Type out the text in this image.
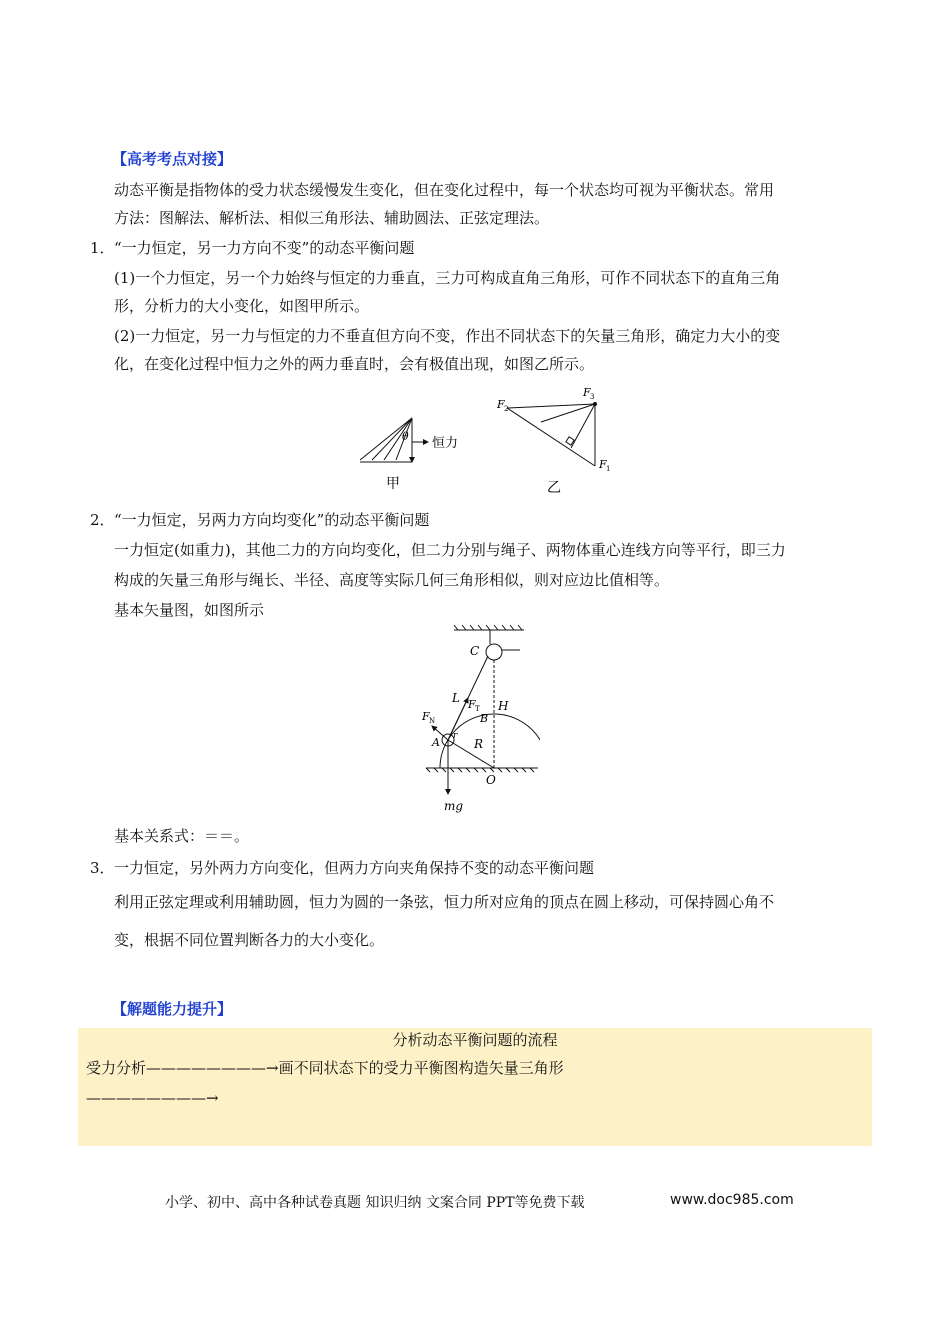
【高考考点对接】
动态平衡是指物体的受力状态缓慢发生变化，但在变化过程中，每一个状态均可视为平衡状态。常用
方法：图解法、解析法、相似三角形法、辅助圆法、正弦定理法。
1． “一力恒定，另一力方向不变”的动态平衡问题
(1)一个力恒定，另一个力始终与恒定的力垂直，三力可构成直角三角形，可作不同状态下的直角三角
形，分析力的大小变化，如图甲所示。
(2)一力恒定，另一力与恒定的力不垂直但方向不变，作出不同状态下的矢量三角形，确定力大小的变
化，在变化过程中恒力之外的两力垂直时，会有极值出现，如图乙所示。
θ 恒力
甲
F 2
F 3
F 1
乙
2． “一力恒定，另两力方向均变化”的动态平衡问题
一力恒定(如重力)，其他二力的方向均变化，但二力分别与绳子、两物体重心连线方向等平行，即三力
构成的矢量三角形与绳长、半径、高度等实际几何三角形相似，则对应边比值相等。
基本矢量图，如图所示
C
L F T H
B
F N
A r
R
O
mg
基本关系式：＝＝。
3． 一力恒定，另外两力方向变化，但两力方向夹角保持不变的动态平衡问题
利用正弦定理或利用辅助圆，恒力为圆的一条弦，恒力所对应角的顶点在圆上移动，可保持圆心角不
变，根据不同位置判断各力的大小变化。
【解题能力提升】
分析动态平衡问题的流程
受力分析————————→画不同状态下的受力平衡图构造矢量三角形
————————→
小学、初中、高中各种试卷真题 知识归纳 文案合同 PPT等免费下载	www.doc985.com
